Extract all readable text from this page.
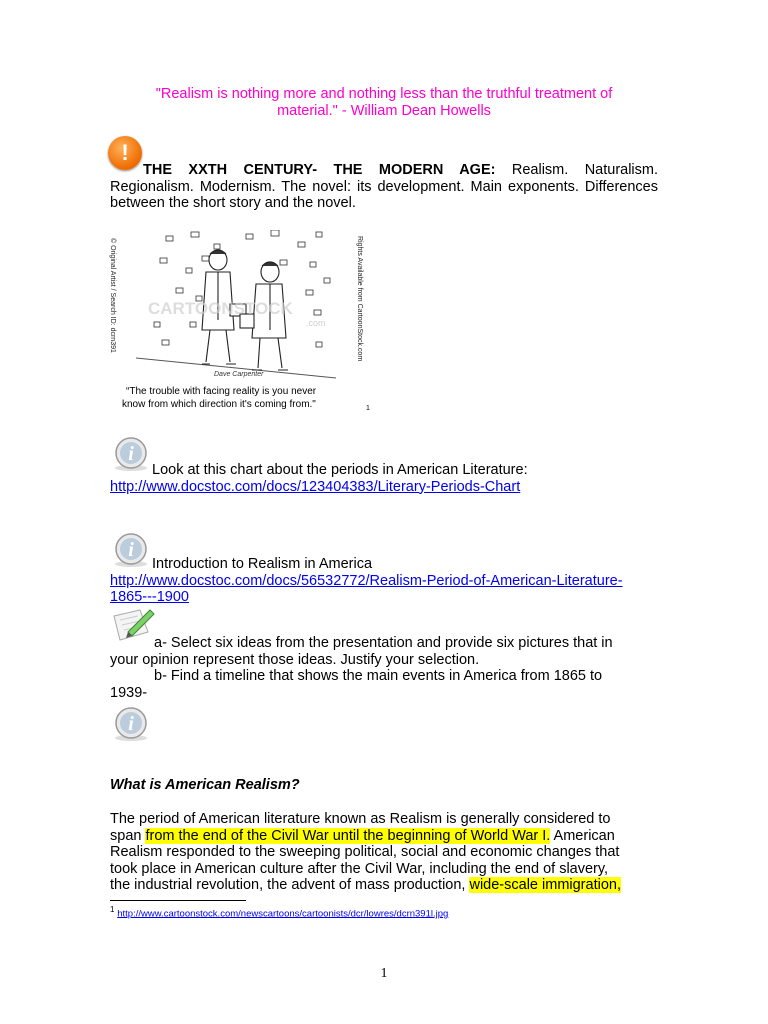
"Realism is nothing more and nothing less than the truthful treatment of
material." - William Dean Howells
!
THE XXTH CENTURY- THE MODERN AGE: Realism. Naturalism. Regionalism. Modernism. The novel: its development. Main exponents. Differences between the short story and the novel.
Dave Carpenter
CARTOONSTOCK
.com
© Original Artist / Search ID: dcrn391	Rights Available from CartoonStock.com
“The trouble with facing reality is you never
know from which direction it's coming from."	1
i
Look at this chart about the periods in American Literature:
http://www.docstoc.com/docs/123404383/Literary-Periods-Chart
i
Introduction to Realism in America
http://www.docstoc.com/docs/56532772/Realism-Period-of-American-Literature-
1865---1900
a- Select six ideas from the presentation and provide six pictures that in
your opinion represent those ideas. Justify your selection.
b- Find a timeline that shows the main events in America from 1865 to
1939-
i
What is American Realism?
The period of American literature known as Realism is generally considered to
span from the end of the Civil War until the beginning of World War I. American
Realism responded to the sweeping political, social and economic changes that
took place in American culture after the Civil War, including the end of slavery,
the industrial revolution, the advent of mass production, wide-scale immigration,
$^1$ http://www.cartoonstock.com/newscartoons/cartoonists/dcr/lowres/dcrn391l.jpg
1
